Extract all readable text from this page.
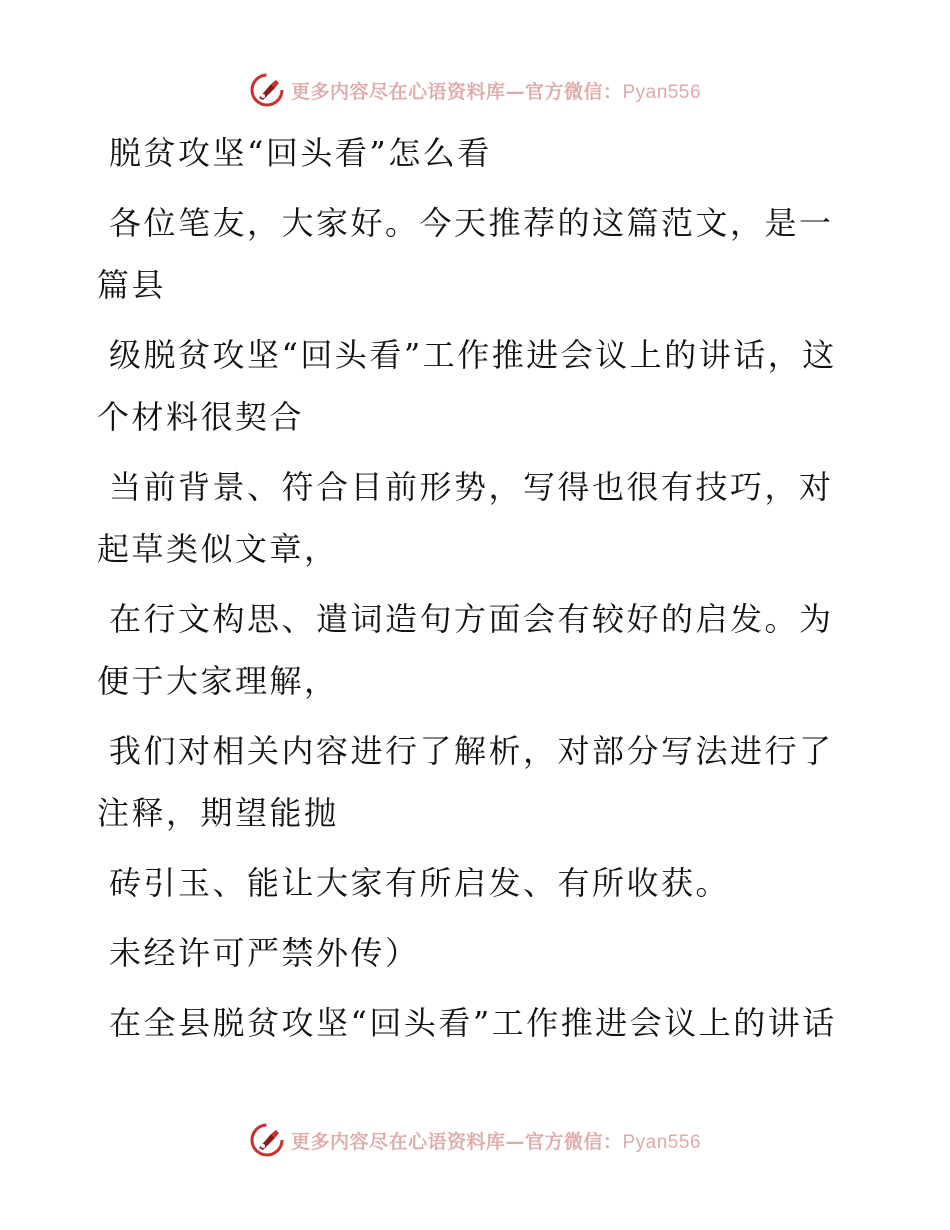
更多内容尽在心语资料库—官方微信：Pyan556

脱贫攻坚“回头看”怎么看

各位笔友，大家好。今天推荐的这篇范文，是一篇县

级脱贫攻坚“回头看”工作推进会议上的讲话，这个材料很契合

当前背景、符合目前形势，写得也很有技巧，对起草类似文章，

在行文构思、遣词造句方面会有较好的启发。为便于大家理解，

我们对相关内容进行了解析，对部分写法进行了注释，期望能抛

砖引玉、能让大家有所启发、有所收获。

未经许可严禁外传）

在全县脱贫攻坚“回头看”工作推进会议上的讲话

更多内容尽在心语资料库—官方微信：Pyan556
